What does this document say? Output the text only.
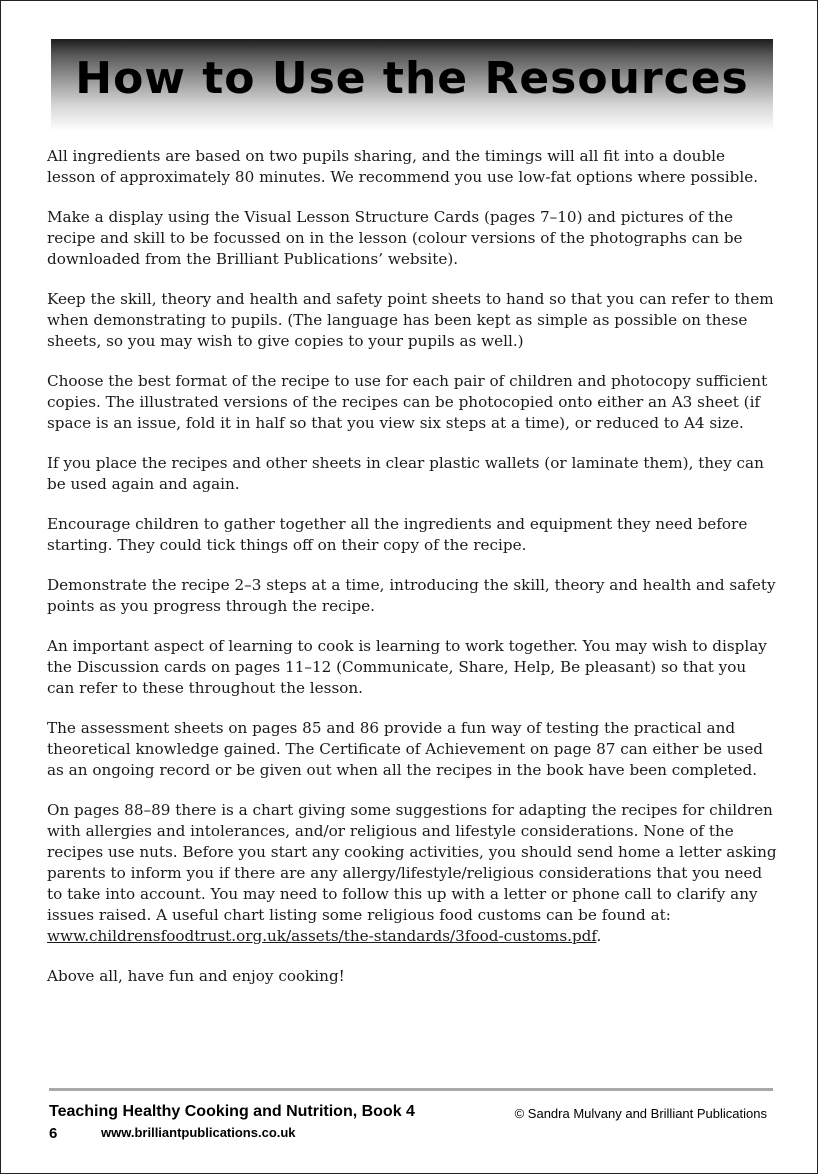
How to Use the Resources

All ingredients are based on two pupils sharing, and the timings will all fit into a double lesson of approximately 80 minutes. We recommend you use low-fat options where possible.

Make a display using the Visual Lesson Structure Cards (pages 7–10) and pictures of the recipe and skill to be focussed on in the lesson (colour versions of the photographs can be downloaded from the Brilliant Publications’ website).

Keep the skill, theory and health and safety point sheets to hand so that you can refer to them when demonstrating to pupils. (The language has been kept as simple as possible on these sheets, so you may wish to give copies to your pupils as well.)

Choose the best format of the recipe to use for each pair of children and photocopy sufficient copies. The illustrated versions of the recipes can be photocopied onto either an A3 sheet (if space is an issue, fold it in half so that you view six steps at a time), or reduced to A4 size.

If you place the recipes and other sheets in clear plastic wallets (or laminate them), they can be used again and again.

Encourage children to gather together all the ingredients and equipment they need before starting. They could tick things off on their copy of the recipe.

Demonstrate the recipe 2–3 steps at a time, introducing the skill, theory and health and safety points as you progress through the recipe.

An important aspect of learning to cook is learning to work together. You may wish to display the Discussion cards on pages 11–12 (Communicate, Share, Help, Be pleasant) so that you can refer to these throughout the lesson.

The assessment sheets on pages 85 and 86 provide a fun way of testing the practical and theoretical knowledge gained. The Certificate of Achievement on page 87 can either be used as an ongoing record or be given out when all the recipes in the book have been completed.

On pages 88–89 there is a chart giving some suggestions for adapting the recipes for children with allergies and intolerances, and/or religious and lifestyle considerations. None of the recipes use nuts. Before you start any cooking activities, you should send home a letter asking parents to inform you if there are any allergy/lifestyle/religious considerations that you need to take into account. You may need to follow this up with a letter or phone call to clarify any issues raised. A useful chart listing some religious food customs can be found at:
www.childrensfoodtrust.org.uk/assets/the-standards/3food-customs.pdf.

Above all, have fun and enjoy cooking!

Teaching Healthy Cooking and Nutrition, Book 4	© Sandra Mulvany and Brilliant Publications
6	www.brilliantpublications.co.uk
